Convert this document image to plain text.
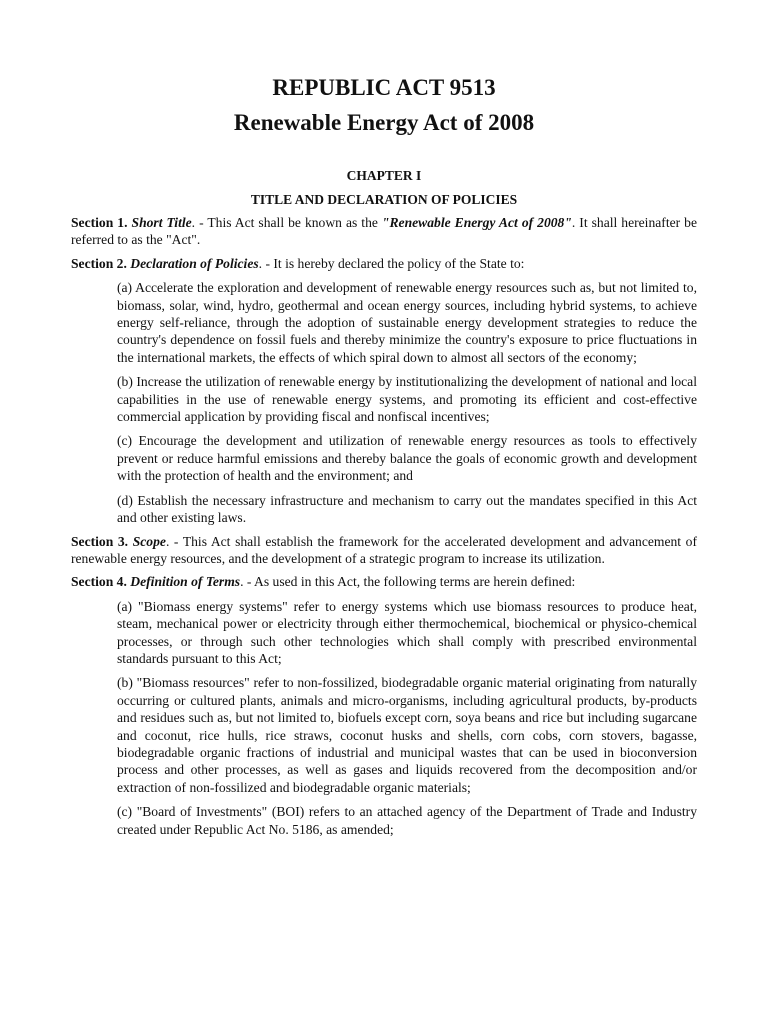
REPUBLIC ACT 9513
Renewable Energy Act of 2008
CHAPTER I
TITLE AND DECLARATION OF POLICIES

Section 1. Short Title. - This Act shall be known as the "Renewable Energy Act of 2008". It shall hereinafter be referred to as the "Act".

Section 2. Declaration of Policies. - It is hereby declared the policy of the State to:

(a) Accelerate the exploration and development of renewable energy resources such as, but not limited to, biomass, solar, wind, hydro, geothermal and ocean energy sources, including hybrid systems, to achieve energy self-reliance, through the adoption of sustainable energy development strategies to reduce the country's dependence on fossil fuels and thereby minimize the country's exposure to price fluctuations in the international markets, the effects of which spiral down to almost all sectors of the economy;

(b) Increase the utilization of renewable energy by institutionalizing the development of national and local capabilities in the use of renewable energy systems, and promoting its efficient and cost-effective commercial application by providing fiscal and nonfiscal incentives;

(c) Encourage the development and utilization of renewable energy resources as tools to effectively prevent or reduce harmful emissions and thereby balance the goals of economic growth and development with the protection of health and the environment; and

(d) Establish the necessary infrastructure and mechanism to carry out the mandates specified in this Act and other existing laws.

Section 3. Scope. - This Act shall establish the framework for the accelerated development and advancement of renewable energy resources, and the development of a strategic program to increase its utilization.

Section 4. Definition of Terms. - As used in this Act, the following terms are herein defined:

(a) "Biomass energy systems" refer to energy systems which use biomass resources to produce heat, steam, mechanical power or electricity through either thermochemical, biochemical or physico-chemical processes, or through such other technologies which shall comply with prescribed environmental standards pursuant to this Act;

(b) "Biomass resources" refer to non-fossilized, biodegradable organic material originating from naturally occurring or cultured plants, animals and micro-organisms, including agricultural products, by-products and residues such as, but not limited to, biofuels except corn, soya beans and rice but including sugarcane and coconut, rice hulls, rice straws, coconut husks and shells, corn cobs, corn stovers, bagasse, biodegradable organic fractions of industrial and municipal wastes that can be used in bioconversion process and other processes, as well as gases and liquids recovered from the decomposition and/or extraction of non-fossilized and biodegradable organic materials;

(c) "Board of Investments" (BOI) refers to an attached agency of the Department of Trade and Industry created under Republic Act No. 5186, as amended;
